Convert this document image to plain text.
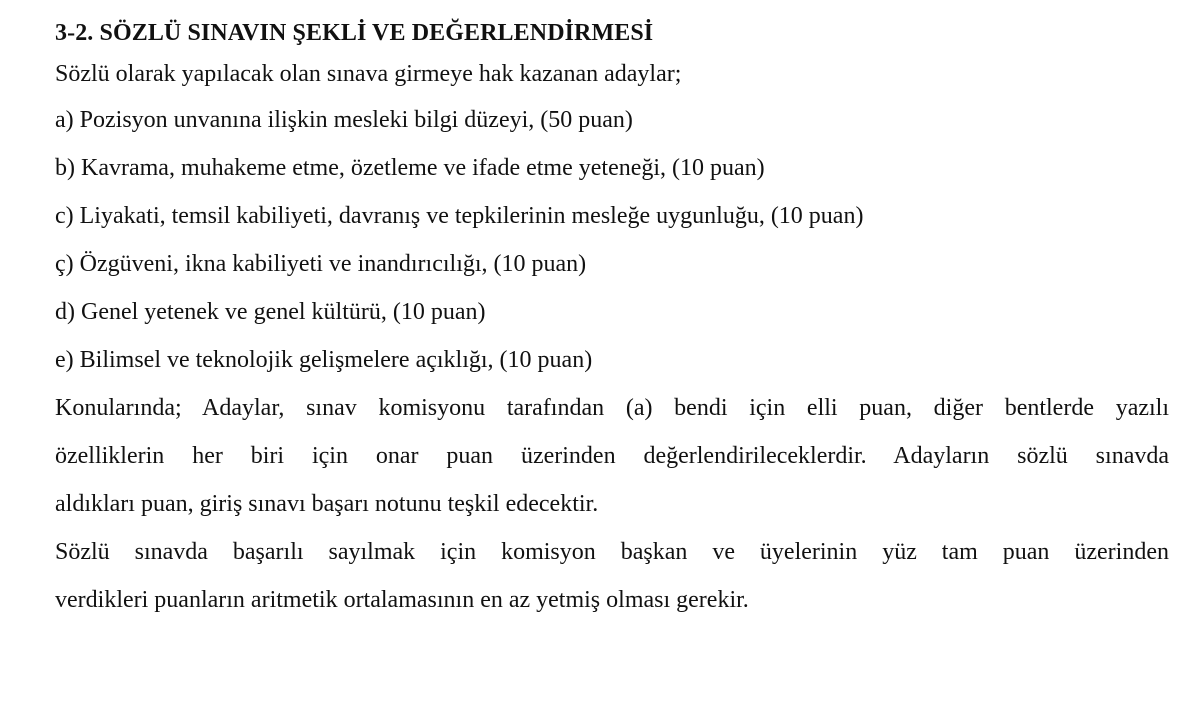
3-2. SÖZLÜ SINAVIN ŞEKLİ VE DEĞERLENDİRMESİ

Sözlü olarak yapılacak olan sınava girmeye hak kazanan adaylar;

a) Pozisyon unvanına ilişkin mesleki bilgi düzeyi, (50 puan)

b) Kavrama, muhakeme etme, özetleme ve ifade etme yeteneği, (10 puan)

c) Liyakati, temsil kabiliyeti, davranış ve tepkilerinin mesleğe uygunluğu, (10 puan)

ç) Özgüveni, ikna kabiliyeti ve inandırıcılığı, (10 puan)

d) Genel yetenek ve genel kültürü, (10 puan)

e) Bilimsel ve teknolojik gelişmelere açıklığı, (10 puan)

Konularında; Adaylar, sınav komisyonu tarafından (a) bendi için elli puan, diğer bentlerde yazılı
özelliklerin her biri için onar puan üzerinden değerlendirileceklerdir. Adayların sözlü sınavda
aldıkları puan, giriş sınavı başarı notunu teşkil edecektir.
Sözlü sınavda başarılı sayılmak için komisyon başkan ve üyelerinin yüz tam puan üzerinden
verdikleri puanların aritmetik ortalamasının en az yetmiş olması gerekir.
